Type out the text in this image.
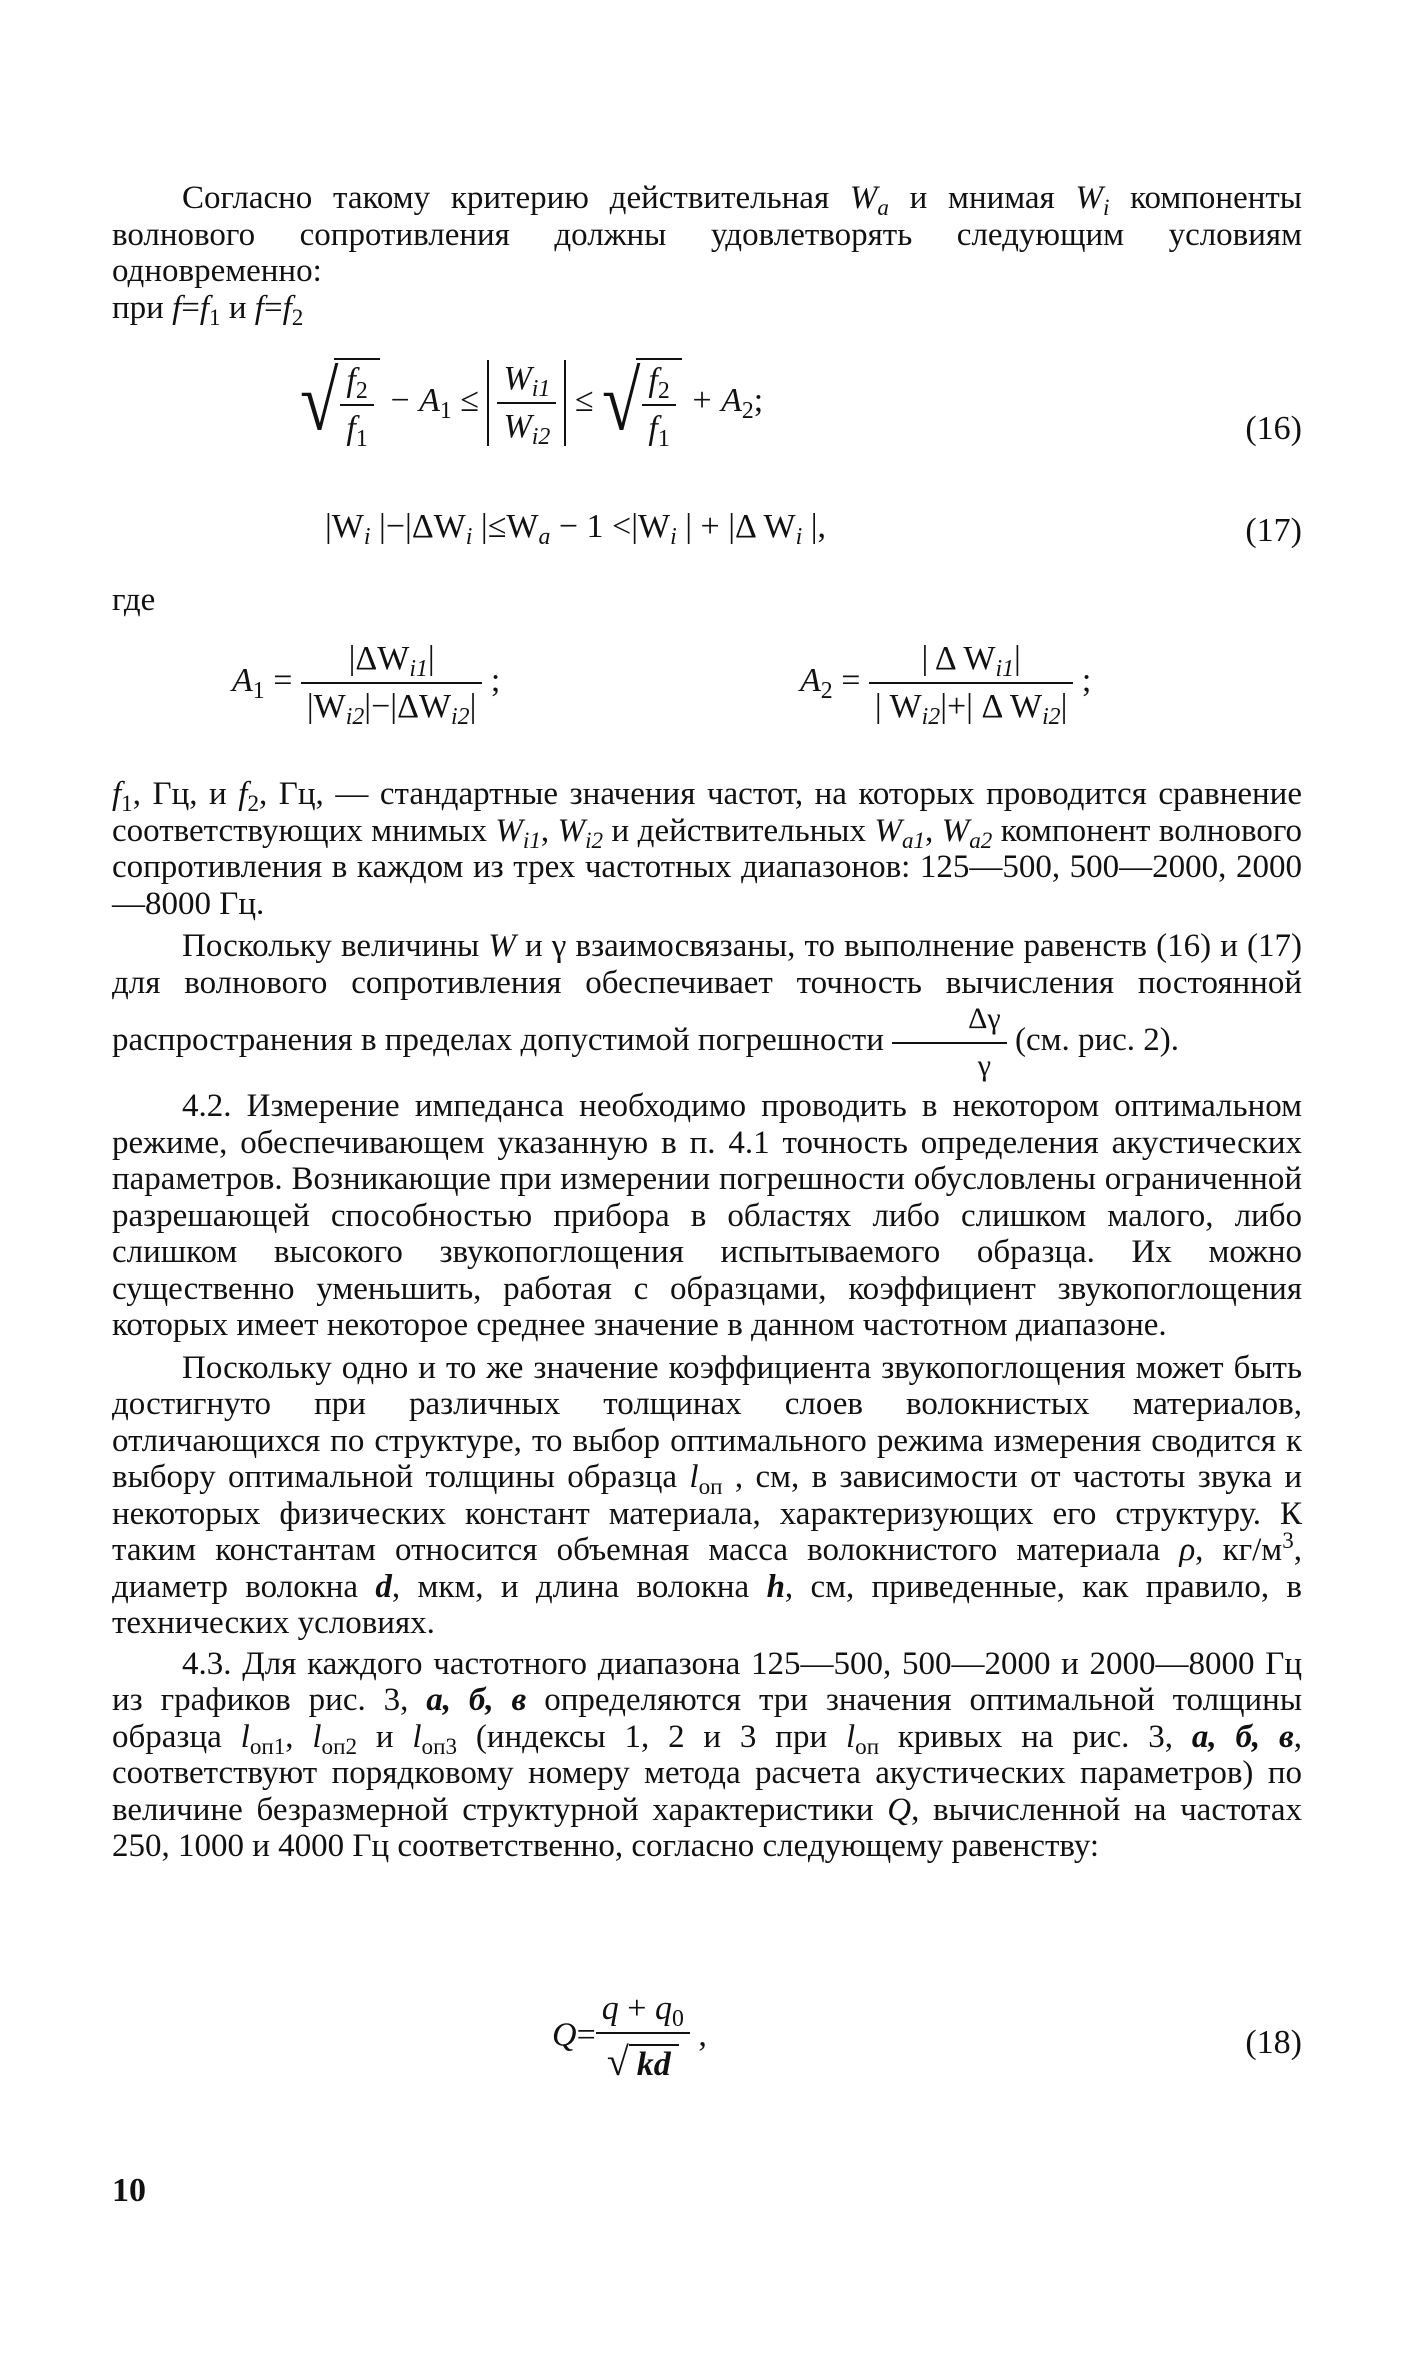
Согласно такому критерию действительная $W_a$ и мнимая $W_i$ компоненты волнового сопротивления должны удовлетворять следующим условиям одновременно:

при $f=f_1$ и $f=f_2$

√ $\frac{f_2}{f_1} - A_1 \le \frac{W_{i1}}{W_{i2}}$ ≤ √ $\frac{f_2}{f_1} + A_2$;
(16)
$|W_i$ $|-|\Delta W_i$ $|\le W_a - 1 <|W_i$ | + |Δ $W_i$ |,	(17)
где
$A_1 = \frac{|\Delta W_{i1}|}{|W_{i2}|-|\Delta W_{i2}|}$ ;	$A_2 = \frac{| \Delta W_{i1}|}{| W_{i2}|+| \Delta W_{i2}|}$ ;

$f_1$, Гц, и $f_2$, Гц, — стандартные значения частот, на которых проводится сравнение соответствующих мнимых $W_{i1}$, $W_{i2}$ и действительных $W_{a1}$, $W_{a2}$ компонент волнового сопротивления в каждом из трех частотных диапазонов: 125—500, 500—2000, 2000—8000 Гц.

Поскольку величины W и γ взаимосвязаны, то выполнение равенств (16) и (17) для волнового сопротивления обеспечивает точность вычисления постоянной распространения в пределах допустимой погрешности $\frac{\Delta\gamma}{\gamma} (см$. рис. 2).

4.2. Измерение импеданса необходимо проводить в некотором оптимальном режиме, обеспечивающем указанную в п. 4.1 точность определения акустических параметров. Возникающие при измерении погрешности обусловлены ограниченной разрешающей способностью прибора в областях либо слишком малого, либо слишком высокого звукопоглощения испытываемого образца. Их можно существенно уменьшить, работая с образцами, коэффициент звукопоглощения которых имеет некоторое среднее значение в данном частотном диапазоне.

Поскольку одно и то же значение коэффициента звукопоглощения может быть достигнуто при различных толщинах слоев волокнистых материалов, отличающихся по структуре, то выбор оптимального режима измерения сводится к выбору оптимальной толщины образца $l_{оп}$ , см, в зависимости от частоты звука и некоторых физических констант материала, характеризующих его структуру. К таким константам относится объемная масса волокнистого материала ρ, $кг/м^3$, диаметр волокна d, мкм, и длина волокна h, см, приведенные, как правило, в технических условиях.

4.3. Для каждого частотного диапазона 125—500, 500—2000 и 2000—8000 Гц из графиков рис. 3, а, б, в определяются три значения оптимальной толщины образца $l_{оп1}$, $l_{оп2}$ и $l_{оп3}$ (индексы 1, 2 и 3 при $l_{оп}$ кривых на рис. 3, а, б, в, соответствуют порядковому номеру метода расчета акустических параметров) по величине безразмерной структурной характеристики Q, вычисленной на частотах 250, 1000 и 4000 Гц соответственно, согласно следующему равенству:

$Q= \frac{q + q_0}{√ kd}$ ,	(18)
10
